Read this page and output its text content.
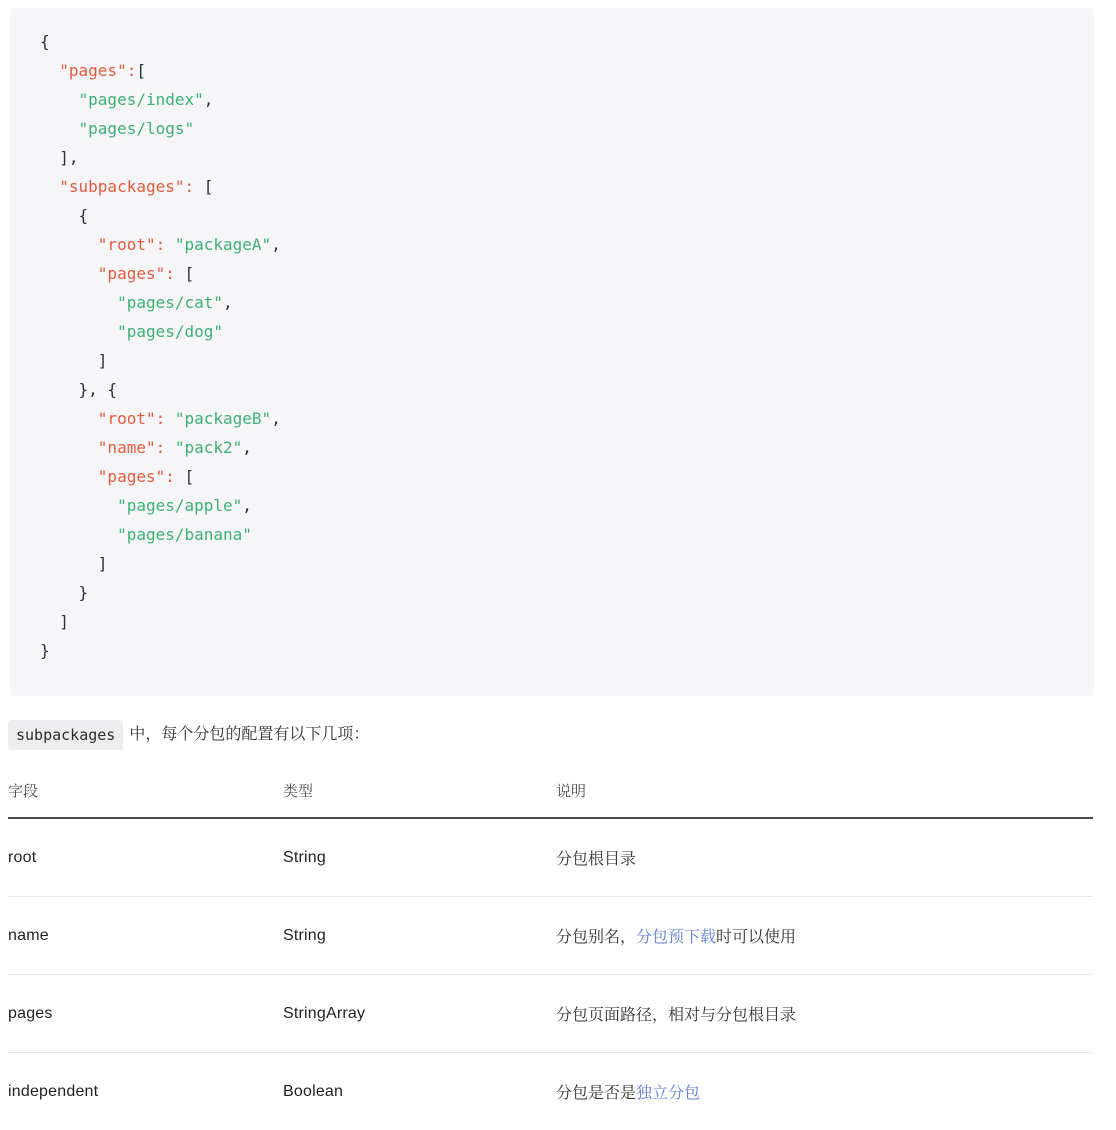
{
"pages":[
"pages/index",
"pages/logs"
],
"subpackages": [
{
"root": "packageA",
"pages": [
"pages/cat",
"pages/dog"
]
}, {
"root": "packageB",
"name": "pack2",
"pages": [
"pages/apple",
"pages/banana"
]
}
]
}

subpackages 中，每个分包的配置有以下几项：

字段	类型	说明
root	String	分包根目录
name	String	分包别名，分包预下载时可以使用
pages	StringArray	分包页面路径，相对与分包根目录
independent	Boolean	分包是否是独立分包
